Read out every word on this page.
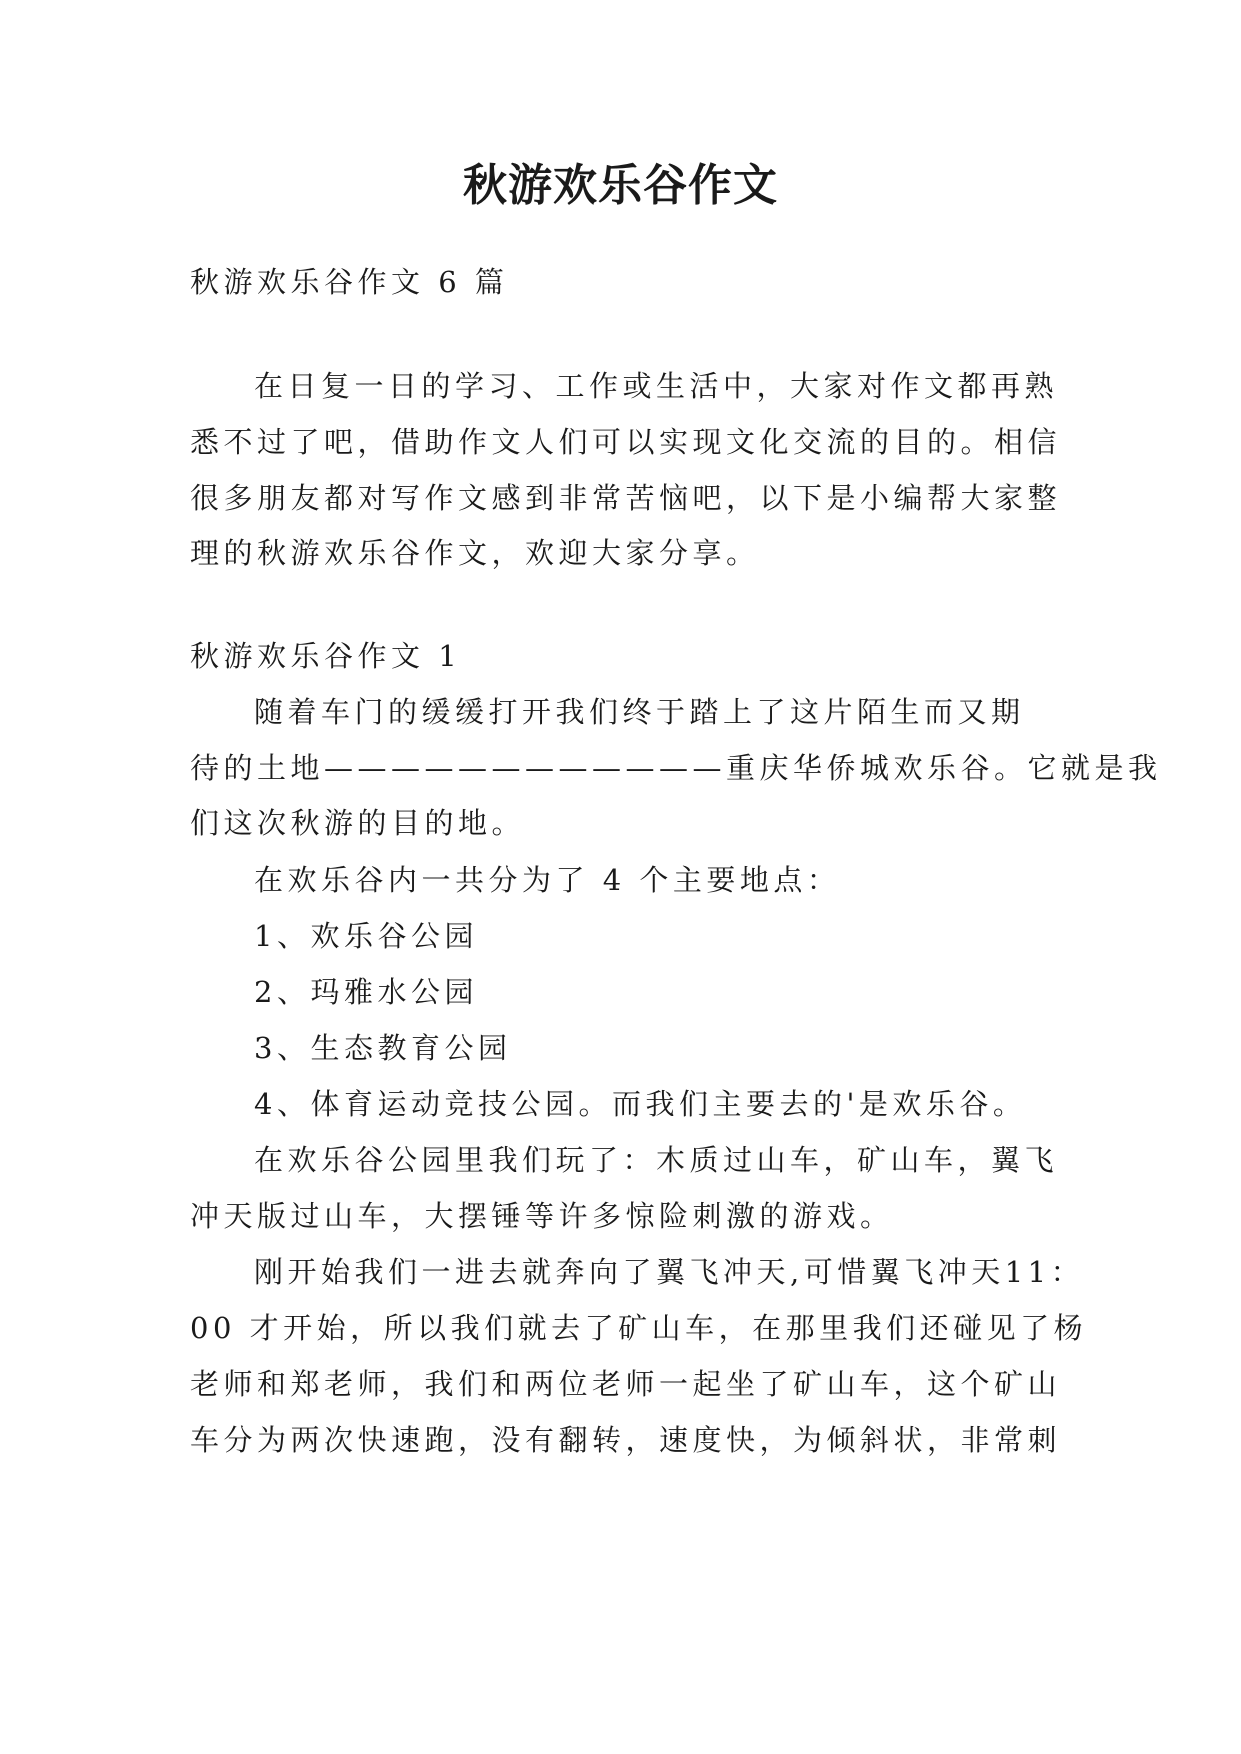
秋游欢乐谷作文
秋游欢乐谷作文 6 篇
在日复一日的学习、工作或生活中，大家对作文都再熟
悉不过了吧，借助作文人们可以实现文化交流的目的。相信
很多朋友都对写作文感到非常苦恼吧，以下是小编帮大家整
理的秋游欢乐谷作文，欢迎大家分享。
秋游欢乐谷作文 1
随着车门的缓缓打开我们终于踏上了这片陌生而又期
待的土地————————————重庆华侨城欢乐谷。它就是我
们这次秋游的目的地。
在欢乐谷内一共分为了 4 个主要地点：
1、欢乐谷公园
2、玛雅水公园
3、生态教育公园
4、体育运动竞技公园。而我们主要去的'是欢乐谷。
在欢乐谷公园里我们玩了：木质过山车，矿山车，翼飞
冲天版过山车，大摆锤等许多惊险刺激的游戏。
刚开始我们一进去就奔向了翼飞冲天,可惜翼飞冲天11：
00 才开始，所以我们就去了矿山车，在那里我们还碰见了杨
老师和郑老师，我们和两位老师一起坐了矿山车，这个矿山
车分为两次快速跑，没有翻转，速度快，为倾斜状，非常刺
